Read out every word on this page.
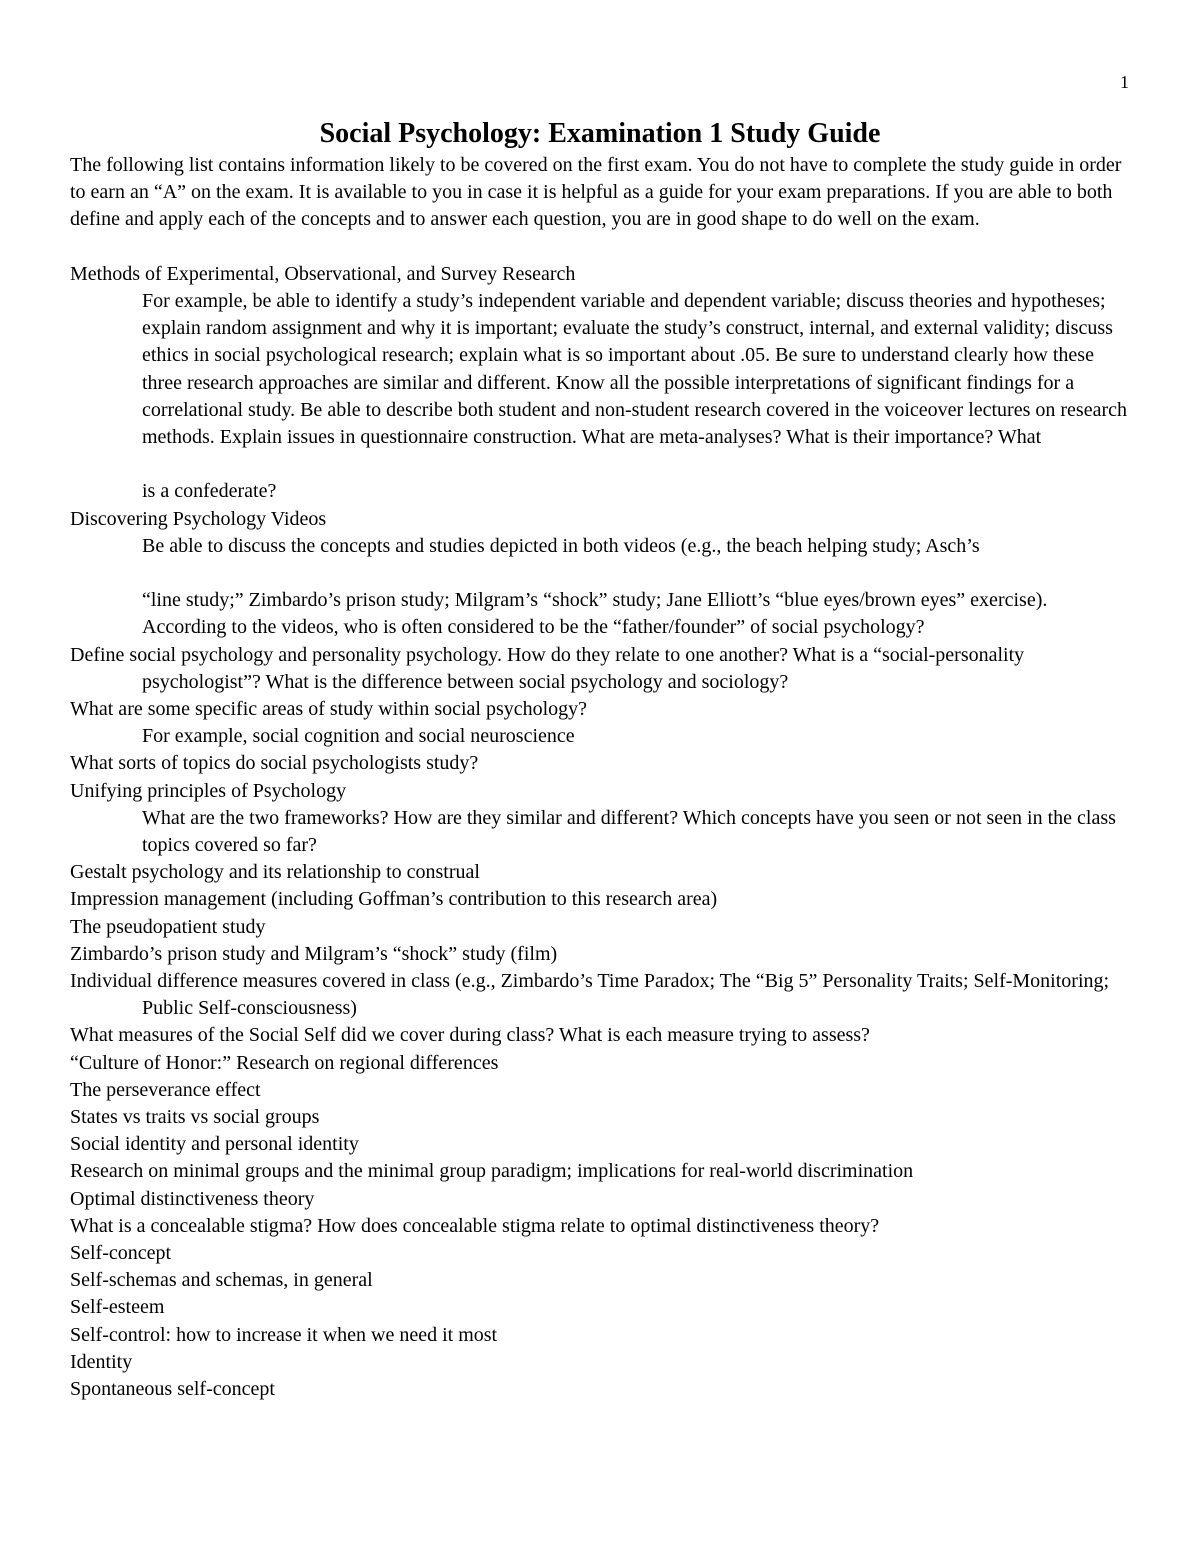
1
Social Psychology: Examination 1 Study Guide

The following list contains information likely to be covered on the first exam. You do not have to complete the study guide in order to earn an “A” on the exam. It is available to you in case it is helpful as a guide for your exam preparations. If you are able to both define and apply each of the concepts and to answer each question, you are in good shape to do well on the exam.

Methods of Experimental, Observational, and Survey Research

For example, be able to identify a study’s independent variable and dependent variable; discuss theories and hypotheses; explain random assignment and why it is important; evaluate the study’s construct, internal, and external validity; discuss ethics in social psychological research; explain what is so important about .05. Be sure to understand clearly how these three research approaches are similar and different. Know all the possible interpretations of significant findings for a correlational study. Be able to describe both student and non-student research covered in the voiceover lectures on research methods. Explain issues in questionnaire construction. What are meta-analyses? What is their importance? What
is a confederate?

Discovering Psychology Videos

Be able to discuss the concepts and studies depicted in both videos (e.g., the beach helping study; Asch’s
“line study;” Zimbardo’s prison study; Milgram’s “shock” study; Jane Elliott’s “blue eyes/brown eyes” exercise). According to the videos, who is often considered to be the “father/founder” of social psychology?

Define social psychology and personality psychology. How do they relate to one another? What is a “social-personality psychologist”? What is the difference between social psychology and sociology?

What are some specific areas of study within social psychology?

For example, social cognition and social neuroscience

What sorts of topics do social psychologists study?

Unifying principles of Psychology

What are the two frameworks? How are they similar and different? Which concepts have you seen or not seen in the class topics covered so far?

Gestalt psychology and its relationship to construal

Impression management (including Goffman’s contribution to this research area)

The pseudopatient study

Zimbardo’s prison study and Milgram’s “shock” study (film)

Individual difference measures covered in class (e.g., Zimbardo’s Time Paradox; The “Big 5” Personality Traits; Self-Monitoring; Public Self-consciousness)

What measures of the Social Self did we cover during class? What is each measure trying to assess?

“Culture of Honor:” Research on regional differences

The perseverance effect

States vs traits vs social groups

Social identity and personal identity

Research on minimal groups and the minimal group paradigm; implications for real-world discrimination

Optimal distinctiveness theory

What is a concealable stigma? How does concealable stigma relate to optimal distinctiveness theory?

Self-concept

Self-schemas and schemas, in general

Self-esteem

Self-control: how to increase it when we need it most

Identity

Spontaneous self-concept
